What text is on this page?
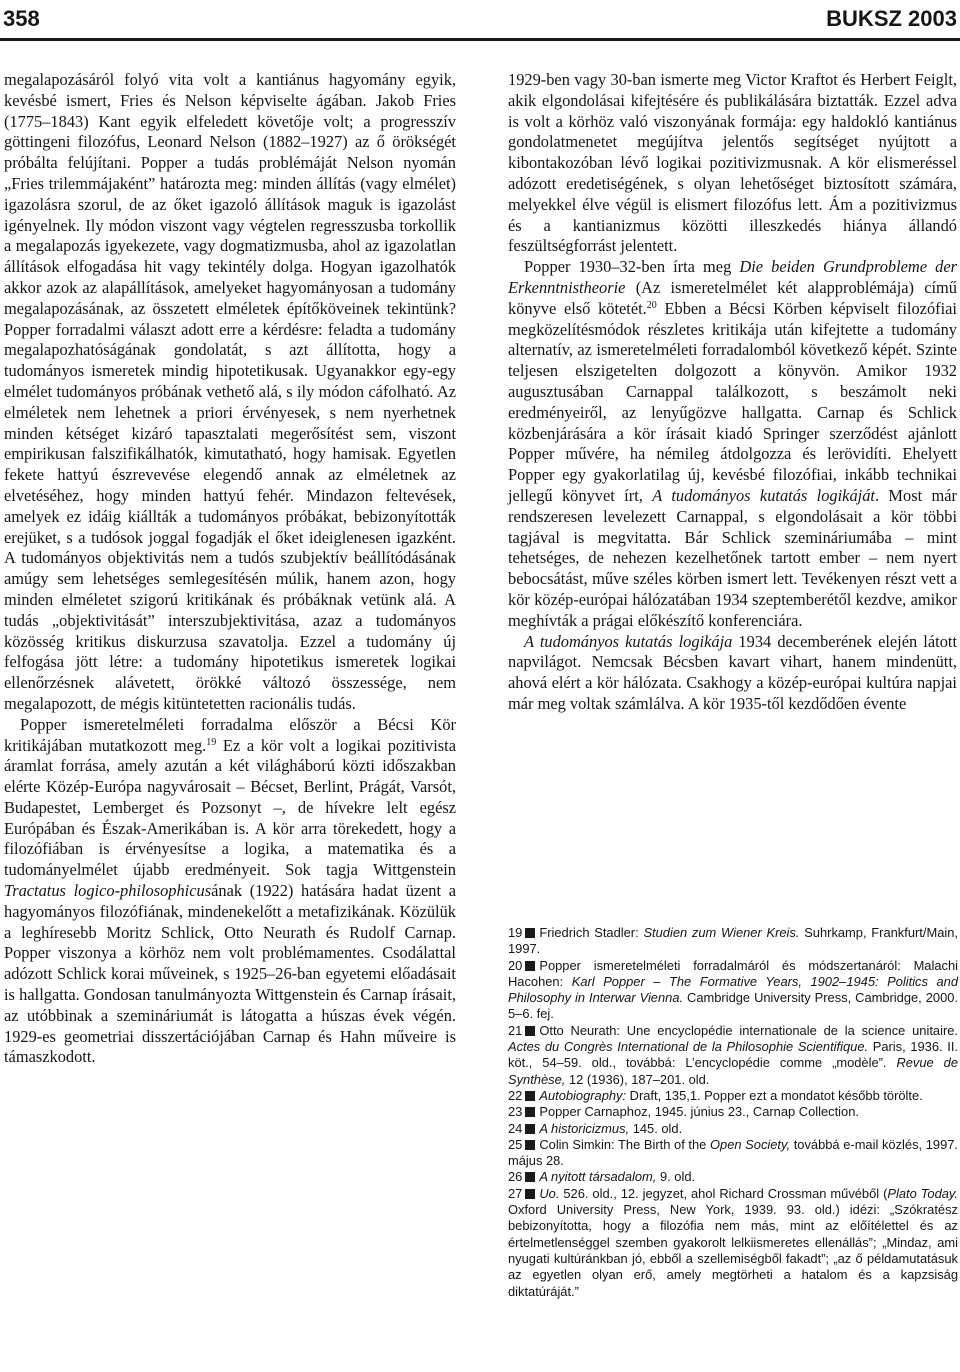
358	BUKSZ 2003

megalapozásáról folyó vita volt a kantiánus hagyomány egyik, kevésbé ismert, Fries és Nelson képviselte ágában. Jakob Fries (1775–1843) Kant egyik elfeledett követője volt; a progresszív göttingeni filozófus, Leonard Nelson (1882–1927) az ő örökségét próbálta felújítani. Popper a tudás problémáját Nelson nyomán „Fries trilemmájaként” határozta meg: minden állítás (vagy elmélet) igazolásra szorul, de az őket igazoló állítások maguk is igazolást igényelnek. Ily módon viszont vagy végtelen regresszusba torkollik a megalapozás igyekezete, vagy dogmatizmusba, ahol az igazolatlan állítások elfogadása hit vagy tekintély dolga. Hogyan igazolhatók akkor azok az alapállítások, amelyeket hagyományosan a tudomány megalapozásának, az összetett elméletek építőköveinek tekintünk? Popper forradalmi választ adott erre a kérdésre: feladta a tudomány megalapozhatóságának gondolatát, s azt állította, hogy a tudományos ismeretek mindig hipotetikusak. Ugyanakkor egy-egy elmélet tudományos próbának vethető alá, s ily módon cáfolható. Az elméletek nem lehetnek a priori érvényesek, s nem nyerhetnek minden kétséget kizáró tapasztalati megerősítést sem, viszont empirikusan falszifikálhatók, kimutatható, hogy hamisak. Egyetlen fekete hattyú észrevevése elegendő annak az elméletnek az elvetéséhez, hogy minden hattyú fehér. Mindazon feltevések, amelyek ez idáig kiállták a tudományos próbákat, bebizonyították erejüket, s a tudósok joggal fogadják el őket ideiglenesen igazként. A tudományos objektivitás nem a tudós szubjektív beállítódásának amúgy sem lehetséges semlegesítésén múlik, hanem azon, hogy minden elméletet szigorú kritikának és próbáknak vetünk alá. A tudás „objektivitását” interszubjektivitása, azaz a tudományos közösség kritikus diskurzusa szavatolja. Ezzel a tudomány új felfogása jött létre: a tudomány hipotetikus ismeretek logikai ellenőrzésnek alávetett, örökké változó összessége, nem megalapozott, de mégis kitüntetetten racionális tudás.

Popper ismeretelméleti forradalma először a Bécsi Kör kritikájában mutatkozott meg.$^{19}$ Ez a kör volt a logikai pozitivista áramlat forrása, amely azután a két világháború közti időszakban elérte Közép-Európa nagyvárosait – Bécset, Berlint, Prágát, Varsót, Budapestet, Lemberget és Pozsonyt –, de hívekre lelt egész Európában és Észak-Amerikában is. A kör arra törekedett, hogy a filozófiában is érvényesítse a logika, a matematika és a tudományelmélet újabb eredményeit. Sok tagja Wittgenstein Tractatus logico-philosophicusának (1922) hatására hadat üzent a hagyományos filozófiának, mindenekelőtt a metafizikának. Közülük a leghíresebb Moritz Schlick, Otto Neurath és Rudolf Carnap. Popper viszonya a körhöz nem volt problémamentes. Csodálattal adózott Schlick korai műveinek, s 1925–26-ban egyetemi előadásait is hallgatta. Gondosan tanulmányozta Wittgenstein és Carnap írásait, az utóbbinak a szemináriumát is látogatta a húszas évek végén. 1929-es geometriai disszertációjában Carnap és Hahn műveire is támaszkodott.

1929-ben vagy 30-ban ismerte meg Victor Kraftot és Herbert Feiglt, akik elgondolásai kifejtésére és publikálására biztatták. Ezzel adva is volt a körhöz való viszonyának formája: egy haldokló kantiánus gondolatmenetet megújítva jelentős segítséget nyújtott a kibontakozóban lévő logikai pozitivizmusnak. A kör elismeréssel adózott eredetiségének, s olyan lehetőséget biztosított számára, melyekkel élve végül is elismert filozófus lett. Ám a pozitivizmus és a kantianizmus közötti illeszkedés hiánya állandó feszültségforrást jelentett.

Popper 1930–32-ben írta meg Die beiden Grundprobleme der Erkenntnistheorie (Az ismeretelmélet két alapproblémája) című könyve első kötetét.$^{20}$ Ebben a Bécsi Körben képviselt filozófiai megközelítésmódok részletes kritikája után kifejtette a tudomány alternatív, az ismeretelméleti forradalomból következő képét. Szinte teljesen elszigetelten dolgozott a könyvön. Amikor 1932 augusztusában Carnappal találkozott, s beszámolt neki eredményeiről, az lenyűgözve hallgatta. Carnap és Schlick közbenjárására a kör írásait kiadó Springer szerződést ajánlott Popper művére, ha némileg átdolgozza és lerövidíti. Ehelyett Popper egy gyakorlatilag új, kevésbé filozófiai, inkább technikai jellegű könyvet írt, A tudományos kutatás logikáját. Most már rendszeresen levelezett Carnappal, s elgondolásait a kör többi tagjával is megvitatta. Bár Schlick szemináriumába – mint tehetséges, de nehezen kezelhetőnek tartott ember – nem nyert bebocsátást, műve széles körben ismert lett. Tevékenyen részt vett a kör közép-európai hálózatában 1934 szeptemberétől kezdve, amikor meghívták a prágai előkészítő konferenciára.

A tudományos kutatás logikája 1934 decemberének elején látott napvilágot. Nemcsak Bécsben kavart vihart, hanem mindenütt, ahová elért a kör hálózata. Csakhogy a közép-európai kultúra napjai már meg voltak számlálva. A kör 1935-től kezdődően évente

19 Friedrich Stadler: Studien zum Wiener Kreis. Suhrkamp, Frankfurt/Main, 1997.

20 Popper ismeretelméleti forradalmáról és módszertanáról: Malachi Hacohen: Karl Popper – The Formative Years, 1902–1945: Politics and Philosophy in Interwar Vienna. Cambridge University Press, Cambridge, 2000. 5–6. fej.

21 Otto Neurath: Une encyclopédie internationale de la science unitaire. Actes du Congrès International de la Philosophie Scientifique. Paris, 1936. II. köt., 54–59. old., továbbá: L’encyclopédie comme „modèle”. Revue de Synthèse, 12 (1936), 187–201. old.

22 Autobiography: Draft, 135,1. Popper ezt a mondatot később törölte.

23 Popper Carnaphoz, 1945. június 23., Carnap Collection.

24 A historicizmus, 145. old.

25 Colin Simkin: The Birth of the Open Society, továbbá e-mail közlés, 1997. május 28.

26 A nyitott társadalom, 9. old.

27 Uo. 526. old., 12. jegyzet, ahol Richard Crossman művéből (Plato Today. Oxford University Press, New York, 1939. 93. old.) idézi: „Szókratész bebizonyította, hogy a filozófia nem más, mint az előítélettel és az értelmetlenséggel szemben gyakorolt lelkiismeretes ellenállás”; „Mindaz, ami nyugati kultúránkban jó, ebből a szellemiségből fakadt”; „az ő példamutatásuk az egyetlen olyan erő, amely megtörheti a hatalom és a kapzsiság diktatúráját.”
